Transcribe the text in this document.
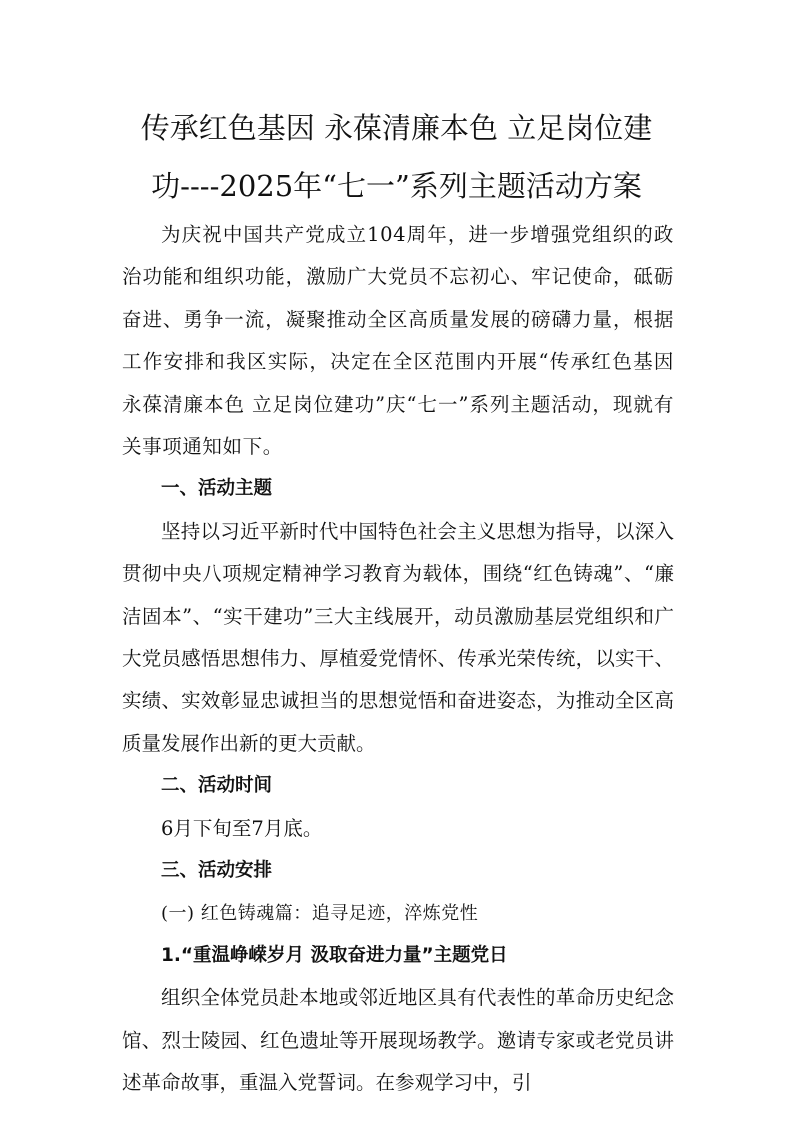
传承红色基因 永葆清廉本色 立足岗位建
功----2025年“七一”系列主题活动方案

为庆祝中国共产党成立104周年，进一步增强党组织的政治功能和组织功能，激励广大党员不忘初心、牢记使命，砥砺奋进、勇争一流，凝聚推动全区高质量发展的磅礴力量，根据工作安排和我区实际，决定在全区范围内开展“传承红色基因 永葆清廉本色 立足岗位建功”庆“七一”系列主题活动，现就有关事项通知如下。

一、活动主题

坚持以习近平新时代中国特色社会主义思想为指导，以深入贯彻中央八项规定精神学习教育为载体，围绕“红色铸魂”、“廉洁固本”、“实干建功”三大主线展开，动员激励基层党组织和广大党员感悟思想伟力、厚植爱党情怀、传承光荣传统，以实干、实绩、实效彰显忠诚担当的思想觉悟和奋进姿态，为推动全区高质量发展作出新的更大贡献。

二、活动时间

6月下旬至7月底。

三、活动安排

(一) 红色铸魂篇：追寻足迹，淬炼党性

1.“重温峥嵘岁月 汲取奋进力量”主题党日

组织全体党员赴本地或邻近地区具有代表性的革命历史纪念馆、烈士陵园、红色遗址等开展现场教学。邀请专家或老党员讲述革命故事，重温入党誓词。在参观学习中，引
